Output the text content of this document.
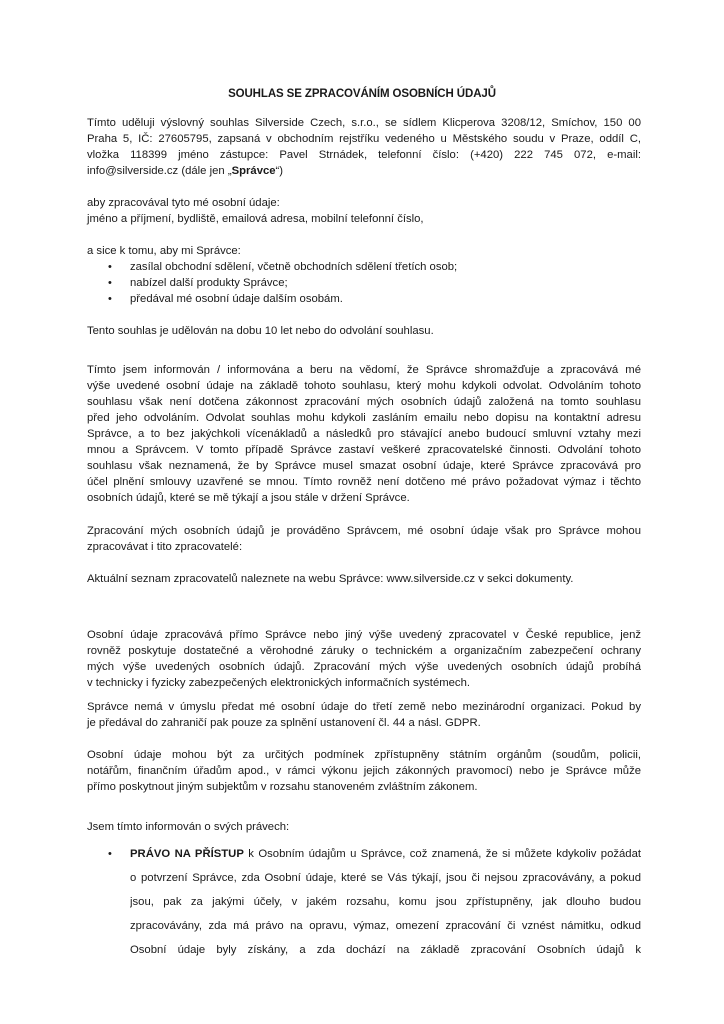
SOUHLAS SE ZPRACOVÁNÍM OSOBNÍCH ÚDAJŮ
Tímto uděluji výslovný souhlas Silverside Czech, s.r.o., se sídlem Klicperova 3208/12, Smíchov, 150 00
Praha 5, IČ: 27605795, zapsaná v obchodním rejstříku vedeného u Městského soudu v Praze, oddíl C,
vložka 118399 jméno zástupce: Pavel Strnádek, telefonní číslo: (+420) 222 745 072, e-mail:
info@silverside.cz (dále jen „Správce“)
aby zpracovával tyto mé osobní údaje:
jméno a příjmení, bydliště, emailová adresa, mobilní telefonní číslo,
a sice k tomu, aby mi Správce:
• zasílal obchodní sdělení, včetně obchodních sdělení třetích osob;
• nabízel další produkty Správce;
• předával mé osobní údaje dalším osobám.
Tento souhlas je udělován na dobu 10 let nebo do odvolání souhlasu.
Tímto jsem informován / informována a beru na vědomí, že Správce shromažďuje a zpracovává mé
výše uvedené osobní údaje na základě tohoto souhlasu, který mohu kdykoli odvolat. Odvoláním tohoto
souhlasu však není dotčena zákonnost zpracování mých osobních údajů založená na tomto souhlasu
před jeho odvoláním. Odvolat souhlas mohu kdykoli zasláním emailu nebo dopisu na kontaktní adresu
Správce, a to bez jakýchkoli vícenákladů a následků pro stávající anebo budoucí smluvní vztahy mezi
mnou a Správcem. V tomto případě Správce zastaví veškeré zpracovatelské činnosti. Odvolání tohoto
souhlasu však neznamená, že by Správce musel smazat osobní údaje, které Správce zpracovává pro
účel plnění smlouvy uzavřené se mnou. Tímto rovněž není dotčeno mé právo požadovat výmaz i těchto
osobních údajů, které se mě týkají a jsou stále v držení Správce.
Zpracování mých osobních údajů je prováděno Správcem, mé osobní údaje však pro Správce mohou
zpracovávat i tito zpracovatelé:
Aktuální seznam zpracovatelů naleznete na webu Správce: www.silverside.cz v sekci dokumenty.
Osobní údaje zpracovává přímo Správce nebo jiný výše uvedený zpracovatel v České republice, jenž
rovněž poskytuje dostatečné a věrohodné záruky o technickém a organizačním zabezpečení ochrany
mých výše uvedených osobních údajů. Zpracování mých výše uvedených osobních údajů probíhá
v technicky i fyzicky zabezpečených elektronických informačních systémech.
Správce nemá v úmyslu předat mé osobní údaje do třetí země nebo mezinárodní organizaci. Pokud by
je předával do zahraničí pak pouze za splnění ustanovení čl. 44 a násl. GDPR.
Osobní údaje mohou být za určitých podmínek zpřístupněny státním orgánům (soudům, policii,
notářům, finančním úřadům apod., v rámci výkonu jejich zákonných pravomocí) nebo je Správce může
přímo poskytnout jiným subjektům v rozsahu stanoveném zvláštním zákonem.
Jsem tímto informován o svých právech:
• PRÁVO NA PŘÍSTUP k Osobním údajům u Správce, což znamená, že si můžete kdykoliv požádat
o potvrzení Správce, zda Osobní údaje, které se Vás týkají, jsou či nejsou zpracovávány, a pokud
jsou, pak za jakými účely, v jakém rozsahu, komu jsou zpřístupněny, jak dlouho budou
zpracovávány, zda má právo na opravu, výmaz, omezení zpracování či vznést námitku, odkud
Osobní údaje byly získány, a zda dochází na základě zpracování Osobních údajů k
